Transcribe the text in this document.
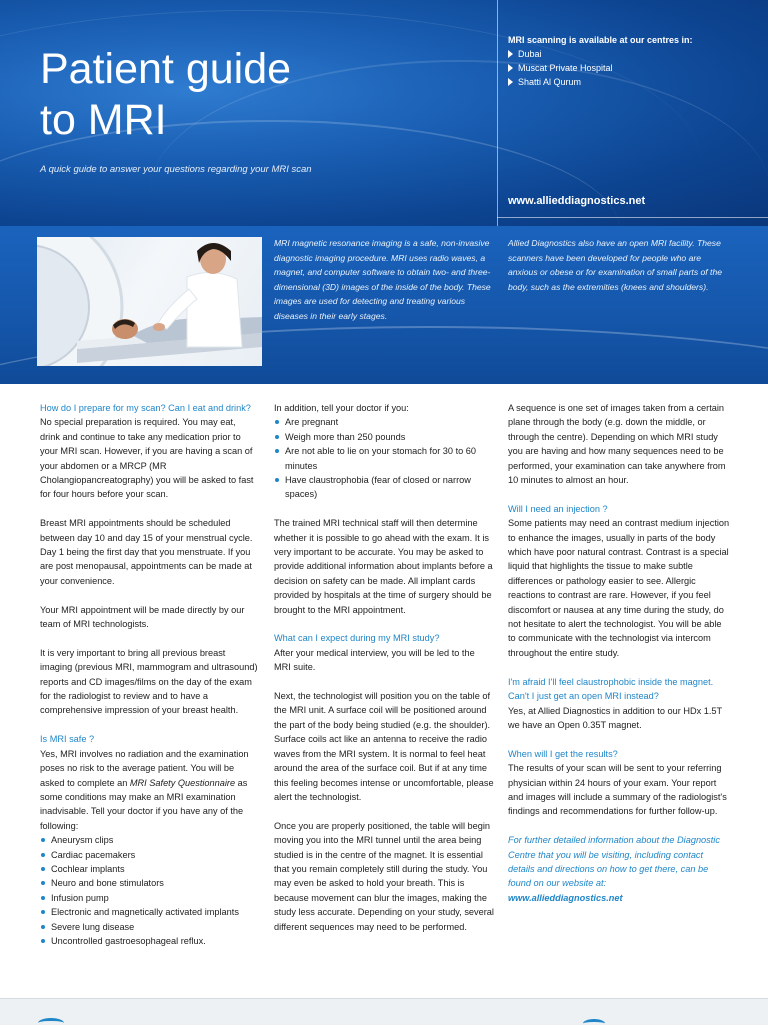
Patient guide
to MRI

A quick guide to answer your questions regarding your MRI scan

MRI scanning is available at our centres in:

Dubai
Muscat Private Hospital
Shatti Al Qurum
www.allieddiagnostics.net

MRI magnetic resonance imaging is a safe, non-invasive diagnostic imaging procedure. MRI uses radio waves, a magnet, and computer software to obtain two- and three-dimensional (3D) images of the inside of the body. These images are used for detecting and treating various diseases in their early stages.

Allied Diagnostics also have an open MRI facility. These scanners have been developed for people who are anxious or obese or for examination of small parts of the body, such as the extremities (knees and shoulders).

How do I prepare for my scan? Can I eat and drink?

No special preparation is required. You may eat, drink and continue to take any medication prior to your MRI scan. However, if you are having a scan of your abdomen or a MRCP (MR Cholangiopancreatography) you will be asked to fast for four hours before your scan.

Breast MRI appointments should be scheduled between day 10 and day 15 of your menstrual cycle. Day 1 being the first day that you menstruate. If you are post menopausal, appointments can be made at your convenience.

Your MRI appointment will be made directly by our team of MRI technologists.

It is very important to bring all previous breast imaging (previous MRI, mammogram and ultrasound) reports and CD images/films on the day of the exam for the radiologist to review and to have a comprehensive impression of your breast health.

Is MRI safe ?

Yes, MRI involves no radiation and the examination poses no risk to the average patient. You will be asked to complete an MRI Safety Questionnaire as some conditions may make an MRI examination inadvisable. Tell your doctor if you have any of the following:

Aneurysm clips
Cardiac pacemakers
Cochlear implants
Neuro and bone stimulators
Infusion pump
Electronic and magnetically activated implants
Severe lung disease
Uncontrolled gastroesophageal reflux.

In addition, tell your doctor if you:

Are pregnant
Weigh more than 250 pounds
Are not able to lie on your stomach for 30 to 60 minutes
Have claustrophobia (fear of closed or narrow spaces)

The trained MRI technical staff will then determine whether it is possible to go ahead with the exam. It is very important to be accurate. You may be asked to provide additional information about implants before a decision on safety can be made. All implant cards provided by hospitals at the time of surgery should be brought to the MRI appointment.

What can I expect during my MRI study?

After your medical interview, you will be led to the MRI suite.

Next, the technologist will position you on the table of the MRI unit. A surface coil will be positioned around the part of the body being studied (e.g. the shoulder). Surface coils act like an antenna to receive the radio waves from the MRI system. It is normal to feel heat around the area of the surface coil. But if at any time this feeling becomes intense or uncomfortable, please alert the technologist.

Once you are properly positioned, the table will begin moving you into the MRI tunnel until the area being studied is in the centre of the magnet. It is essential that you remain completely still during the study. You may even be asked to hold your breath. This is because movement can blur the images, making the study less accurate. Depending on your study, several different sequences may need to be performed.

A sequence is one set of images taken from a certain plane through the body (e.g. down the middle, or through the centre). Depending on which MRI study you are having and how many sequences need to be performed, your examination can take anywhere from 10 minutes to almost an hour.

Will I need an injection ?

Some patients may need an contrast medium injection to enhance the images, usually in parts of the body which have poor natural contrast. Contrast is a special liquid that highlights the tissue to make subtle differences or pathology easier to see. Allergic reactions to contrast are rare. However, if you feel discomfort or nausea at any time during the study, do not hesitate to alert the technologist. You will be able to communicate with the technologist via intercom throughout the entire study.

I'm afraid I'll feel claustrophobic inside the magnet. Can't I just get an open MRI instead?

Yes, at Allied Diagnostics in addition to our HDx 1.5T we have an Open 0.35T magnet.

When will I get the results?

The results of your scan will be sent to your referring physician within 24 hours of your exam. Your report and images will include a summary of the radiologist's findings and recommendations for further follow-up.

For further detailed information about the Diagnostic Centre that you will be visiting, including contact details and directions on how to get there, can be found on our website at:

www.allieddiagnostics.net
